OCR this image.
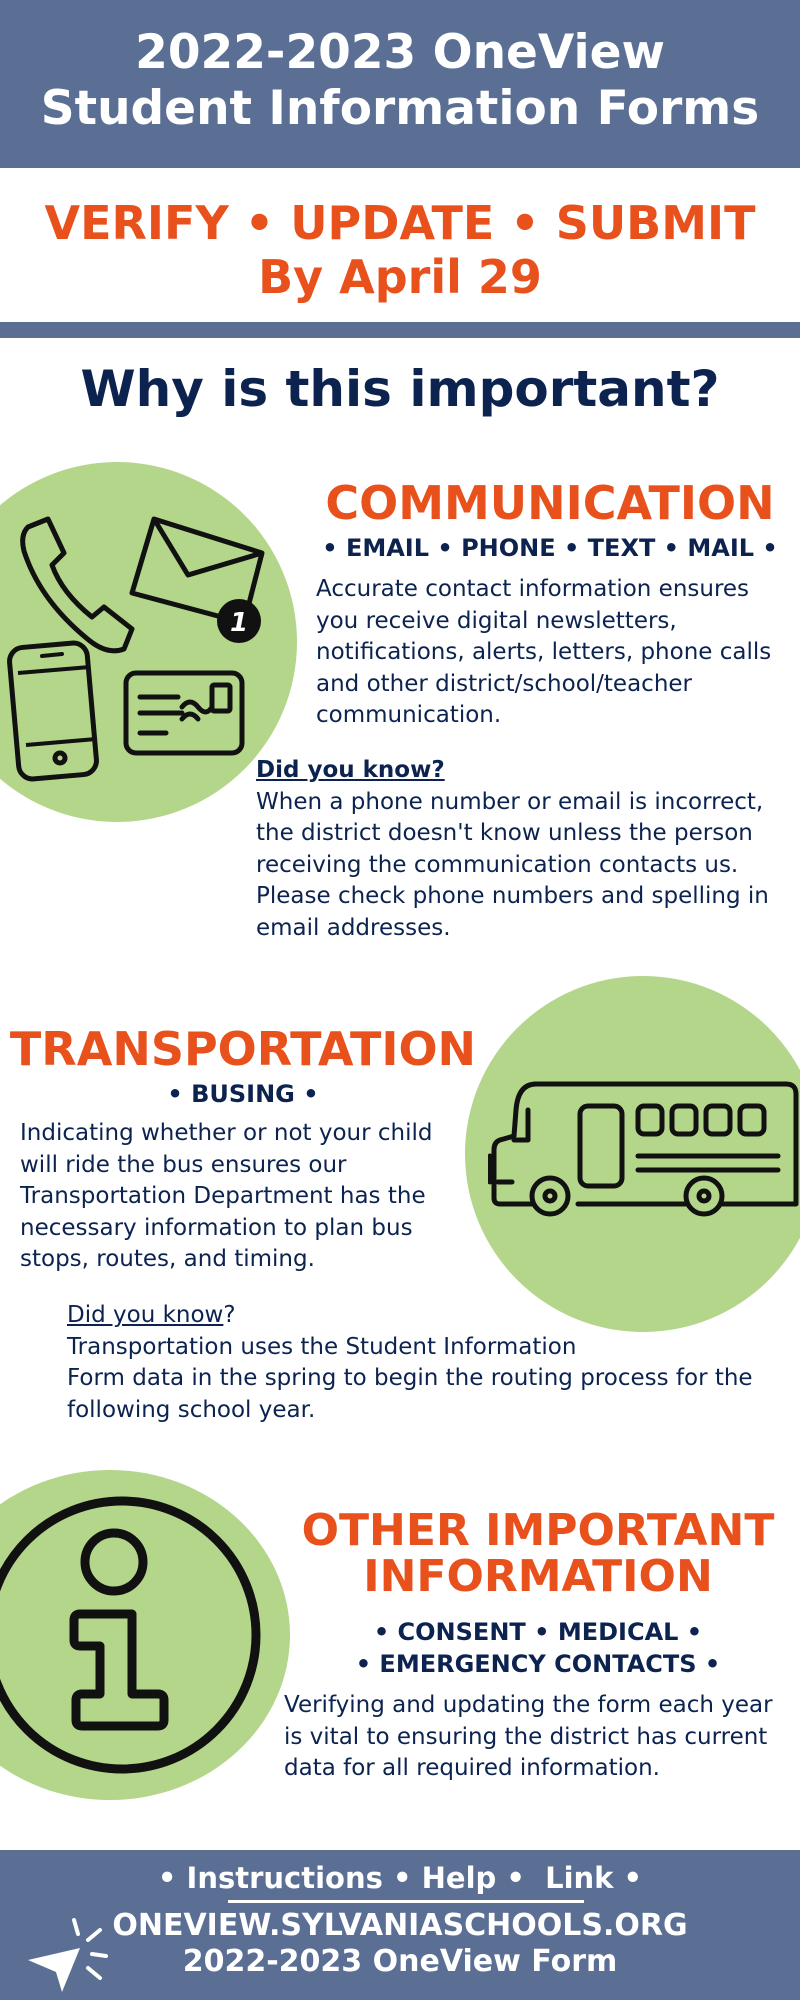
2022-2023 OneView
Student Information Forms
VERIFY • UPDATE • SUBMIT
By April 29
Why is this important?
1
COMMUNICATION
• EMAIL • PHONE • TEXT • MAIL •
Accurate contact information ensures
you receive digital newsletters,
notifications, alerts, letters, phone calls
and other district/school/teacher
communication.
Did you know?
When a phone number or email is incorrect,
the district doesn't know unless the person
receiving the communication contacts us.
Please check phone numbers and spelling in
email addresses.
TRANSPORTATION
• BUSING •
Indicating whether or not your child
will ride the bus ensures our
Transportation Department has the
necessary information to plan bus
stops, routes, and timing.
Did you know?
Transportation uses the Student Information
Form data in the spring to begin the routing process for the
following school year.
OTHER IMPORTANT
INFORMATION
• CONSENT • MEDICAL •
• EMERGENCY CONTACTS •
Verifying and updating the form each year
is vital to ensuring the district has current
data for all required information.
• Instructions • Help •  Link •
ONEVIEW.SYLVANIASCHOOLS.ORG
2022-2023 OneView Form
